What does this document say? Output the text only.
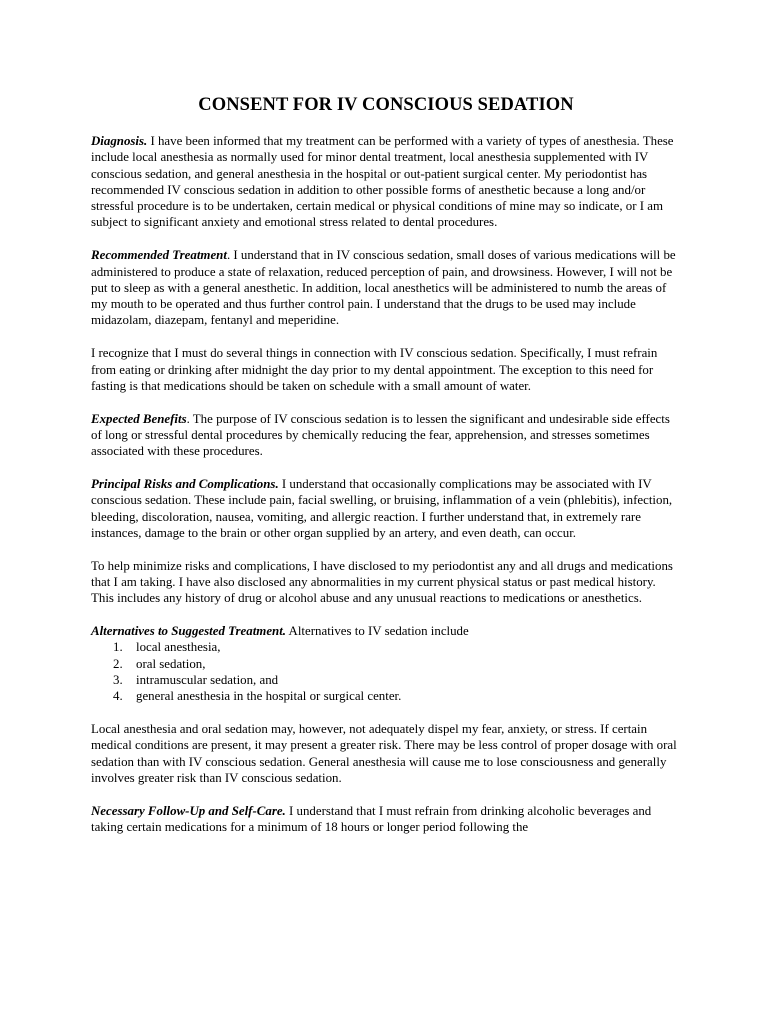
CONSENT FOR IV CONSCIOUS SEDATION

Diagnosis. I have been informed that my treatment can be performed with a variety of types of anesthesia. These include local anesthesia as normally used for minor dental treatment, local anesthesia supplemented with IV conscious sedation, and general anesthesia in the hospital or out-patient surgical center. My periodontist has recommended IV conscious sedation in addition to other possible forms of anesthetic because a long and/or stressful procedure is to be undertaken, certain medical or physical conditions of mine may so indicate, or I am subject to significant anxiety and emotional stress related to dental procedures.

Recommended Treatment. I understand that in IV conscious sedation, small doses of various medications will be administered to produce a state of relaxation, reduced perception of pain, and drowsiness. However, I will not be put to sleep as with a general anesthetic. In addition, local anesthetics will be administered to numb the areas of my mouth to be operated and thus further control pain. I understand that the drugs to be used may include midazolam, diazepam, fentanyl and meperidine.

I recognize that I must do several things in connection with IV conscious sedation. Specifically, I must refrain from eating or drinking after midnight the day prior to my dental appointment. The exception to this need for fasting is that medications should be taken on schedule with a small amount of water.

Expected Benefits. The purpose of IV conscious sedation is to lessen the significant and undesirable side effects of long or stressful dental procedures by chemically reducing the fear, apprehension, and stresses sometimes associated with these procedures.

Principal Risks and Complications. I understand that occasionally complications may be associated with IV conscious sedation. These include pain, facial swelling, or bruising, inflammation of a vein (phlebitis), infection, bleeding, discoloration, nausea, vomiting, and allergic reaction. I further understand that, in extremely rare instances, damage to the brain or other organ supplied by an artery, and even death, can occur.

To help minimize risks and complications, I have disclosed to my periodontist any and all drugs and medications that I am taking. I have also disclosed any abnormalities in my current physical status or past medical history. This includes any history of drug or alcohol abuse and any unusual reactions to medications or anesthetics.

Alternatives to Suggested Treatment. Alternatives to IV sedation include
1.	local anesthesia,
2.	oral sedation,
3.	intramuscular sedation, and
4.	general anesthesia in the hospital or surgical center.

Local anesthesia and oral sedation may, however, not adequately dispel my fear, anxiety, or stress. If certain medical conditions are present, it may present a greater risk. There may be less control of proper dosage with oral sedation than with IV conscious sedation. General anesthesia will cause me to lose consciousness and generally involves greater risk than IV conscious sedation.

Necessary Follow-Up and Self-Care. I understand that I must refrain from drinking alcoholic beverages and taking certain medications for a minimum of 18 hours or longer period following the
